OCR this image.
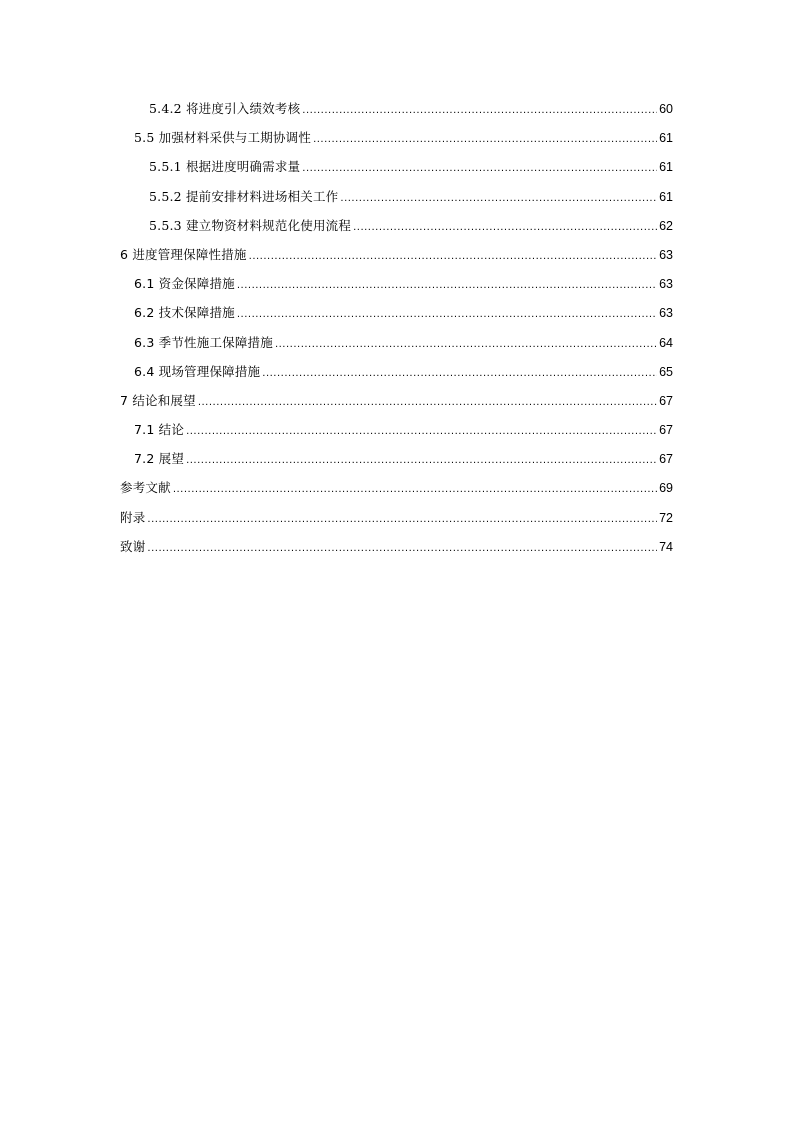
5.4.2 将进度引入绩效考核 .....	60
5.5 加强材料采供与工期协调性 .....	61
5.5.1 根据进度明确需求量 .....	61
5.5.2 提前安排材料进场相关工作 .....	61
5.5.3 建立物资材料规范化使用流程 .....	62
6 进度管理保障性措施 .....	63
6.1 资金保障措施 .....	63
6.2 技术保障措施 .....	63
6.3 季节性施工保障措施 .....	64
6.4 现场管理保障措施 .....	65
7 结论和展望 .....	67
7.1 结论 .....	67
7.2 展望 .....	67
参考文献 .....	69
附录 .....	72
致谢 .....	74
